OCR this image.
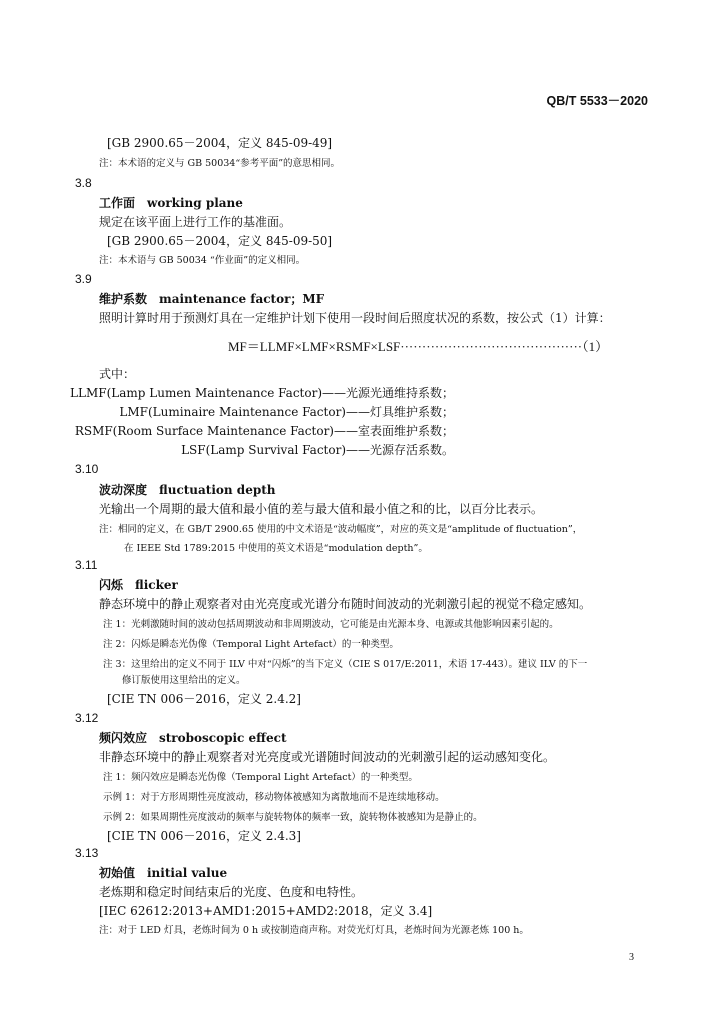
QB/T 5533－2020
[GB 2900.65－2004，定义 845-09-49]
注：本术语的定义与 GB 50034“参考平面”的意思相同。
3.8
工作面　working plane
规定在该平面上进行工作的基准面。
[GB 2900.65－2004，定义 845-09-50]
注：本术语与 GB 50034 “作业面”的定义相同。
3.9
维护系数　maintenance factor；MF
照明计算时用于预测灯具在一定维护计划下使用一段时间后照度状况的系数，按公式（1）计算：
MF＝LLMF×LMF×RSMF×LSF··········································（1）
式中：
LLMF(Lamp Lumen Maintenance Factor)——光源光通维持系数；
LMF(Luminaire Maintenance Factor)——灯具维护系数；
RSMF(Room Surface Maintenance Factor)——室表面维护系数；
LSF(Lamp Survival Factor)——光源存活系数。
3.10
波动深度　fluctuation depth
光输出一个周期的最大值和最小值的差与最大值和最小值之和的比，以百分比表示。
注：相同的定义，在 GB/T 2900.65 使用的中文术语是“波动幅度”，对应的英文是“amplitude of fluctuation”，
在 IEEE Std 1789:2015 中使用的英文术语是“modulation depth”。
3.11
闪烁　flicker
静态环境中的静止观察者对由光亮度或光谱分布随时间波动的光刺激引起的视觉不稳定感知。
注 1：光刺激随时间的波动包括周期波动和非周期波动，它可能是由光源本身、电源或其他影响因素引起的。
注 2：闪烁是瞬态光伪像（Temporal Light Artefact）的一种类型。
注 3：这里给出的定义不同于 ILV 中对“闪烁”的当下定义（CIE S 017/E:2011，术语 17-443）。建议 ILV 的下一
修订版使用这里给出的定义。
[CIE TN 006－2016，定义 2.4.2]
3.12
频闪效应　stroboscopic effect
非静态环境中的静止观察者对光亮度或光谱随时间波动的光刺激引起的运动感知变化。
注 1：频闪效应是瞬态光伪像（Temporal Light Artefact）的一种类型。
示例 1：对于方形周期性亮度波动，移动物体被感知为离散地而不是连续地移动。
示例 2：如果周期性亮度波动的频率与旋转物体的频率一致，旋转物体被感知为是静止的。
[CIE TN 006－2016，定义 2.4.3]
3.13
初始值　initial value
老炼期和稳定时间结束后的光度、色度和电特性。
[IEC 62612:2013+AMD1:2015+AMD2:2018，定义 3.4]
注：对于 LED 灯具，老炼时间为 0 h 或按制造商声称。对荧光灯灯具，老炼时间为光源老炼 100 h。
3
